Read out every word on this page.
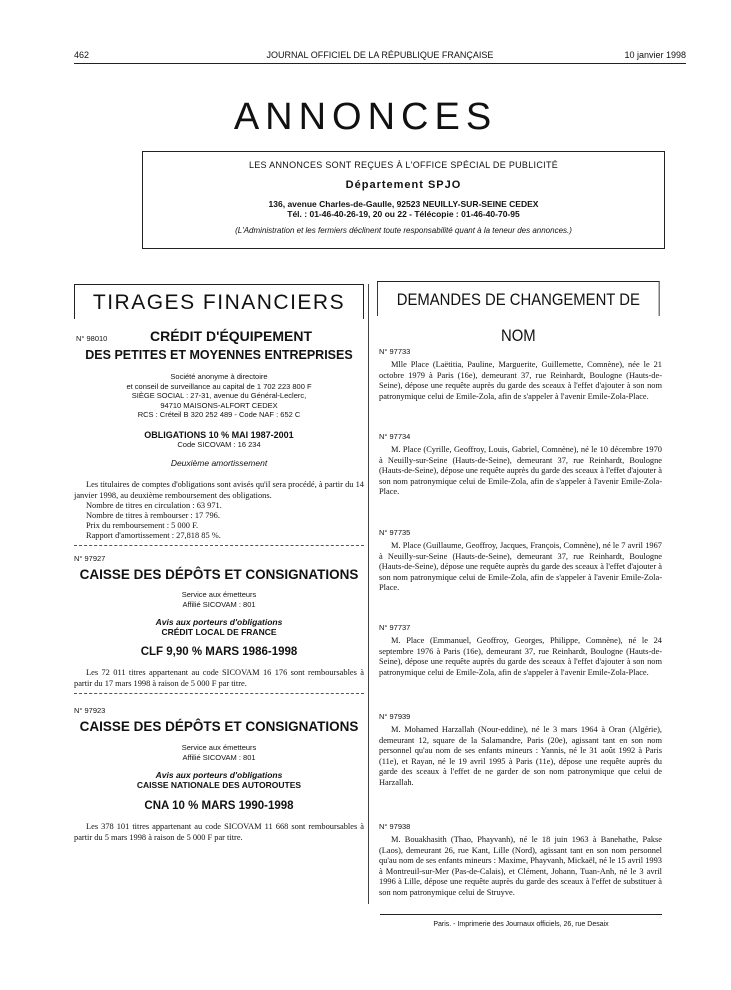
462	JOURNAL OFFICIEL DE LA RÉPUBLIQUE FRANÇAISE	10 janvier 1998
ANNONCES
LES ANNONCES SONT REÇUES À L'OFFICE SPÉCIAL DE PUBLICITÉ
Département SPJO
136, avenue Charles-de-Gaulle, 92523 NEUILLY-SUR-SEINE CEDEX
Tél. : 01-46-40-26-19, 20 ou 22 - Télécopie : 01-46-40-70-95
(L'Administration et les fermiers déclinent toute responsabilité quant à la teneur des annonces.)
TIRAGES FINANCIERS	DEMANDES DE CHANGEMENT DE NOM
N° 98010	CRÉDIT D'ÉQUIPEMENT
DES PETITES ET MOYENNES ENTREPRISES
Société anonyme à directoire
et conseil de surveillance au capital de 1 702 223 800 F
SIÈGE SOCIAL : 27-31, avenue du Général-Leclerc,
94710 MAISONS-ALFORT CEDEX
RCS : Créteil B 320 252 489 - Code NAF : 652 C
OBLIGATIONS 10 % MAI 1987-2001
Code SICOVAM : 16 234
Deuxième amortissement

Les titulaires de comptes d'obligations sont avisés qu'il sera procédé, à partir du 14 janvier 1998, au deuxième remboursement des obligations.

Nombre de titres en circulation : 63 971.

Nombre de titres à rembourser : 17 796.

Prix du remboursement : 5 000 F.

Rapport d'amortissement : 27,818 85 %.

N° 97927
CAISSE DES DÉPÔTS ET CONSIGNATIONS
Service aux émetteurs
Affilié SICOVAM : 801
Avis aux porteurs d'obligations
CRÉDIT LOCAL DE FRANCE
CLF 9,90 % MARS 1986-1998

Les 72 011 titres appartenant au code SICOVAM 16 176 sont remboursables à partir du 17 mars 1998 à raison de 5 000 F par titre.

N° 97923
CAISSE DES DÉPÔTS ET CONSIGNATIONS
Service aux émetteurs
Affilié SICOVAM : 801
Avis aux porteurs d'obligations
CAISSE NATIONALE DES AUTOROUTES
CNA 10 % MARS 1990-1998

Les 378 101 titres appartenant au code SICOVAM 11 668 sont remboursables à partir du 5 mars 1998 à raison de 5 000 F par titre.

N° 97733

Mlle Place (Laëtitia, Pauline, Marguerite, Guillemette, Comnène), née le 21 octobre 1979 à Paris (16e), demeurant 37, rue Reinhardt, Boulogne (Hauts-de-Seine), dépose une requête auprès du garde des sceaux à l'effet d'ajouter à son nom patronymique celui de Emile-Zola, afin de s'appeler à l'avenir Emile-Zola-Place.

N° 97734

M. Place (Cyrille, Geoffroy, Louis, Gabriel, Comnène), né le 10 décembre 1970 à Neuilly-sur-Seine (Hauts-de-Seine), demeurant 37, rue Reinhardt, Boulogne (Hauts-de-Seine), dépose une requête auprès du garde des sceaux à l'effet d'ajouter à son nom patronymique celui de Emile-Zola, afin de s'appeler à l'avenir Emile-Zola-Place.

N° 97735

M. Place (Guillaume, Geoffroy, Jacques, François, Comnène), né le 7 avril 1967 à Neuilly-sur-Seine (Hauts-de-Seine), demeurant 37, rue Reinhardt, Boulogne (Hauts-de-Seine), dépose une requête auprès du garde des sceaux à l'effet d'ajouter à son nom patronymique celui de Emile-Zola, afin de s'appeler à l'avenir Emile-Zola-Place.

N° 97737

M. Place (Emmanuel, Geoffroy, Georges, Philippe, Comnène), né le 24 septembre 1976 à Paris (16e), demeurant 37, rue Reinhardt, Boulogne (Hauts-de-Seine), dépose une requête auprès du garde des sceaux à l'effet d'ajouter à son nom patronymique celui de Emile-Zola, afin de s'appeler à l'avenir Emile-Zola-Place.

N° 97939

M. Mohamed Harzallah (Nour-eddine), né le 3 mars 1964 à Oran (Algérie), demeurant 12, square de la Salamandre, Paris (20e), agissant tant en son nom personnel qu'au nom de ses enfants mineurs : Yannis, né le 31 août 1992 à Paris (11e), et Rayan, né le 19 avril 1995 à Paris (11e), dépose une requête auprès du garde des sceaux à l'effet de ne garder de son nom patronymique que celui de Harzallah.

N° 97938

M. Bouakhasith (Thao, Phayvanh), né le 18 juin 1963 à Banehathe, Pakse (Laos), demeurant 26, rue Kant, Lille (Nord), agissant tant en son nom personnel qu'au nom de ses enfants mineurs : Maxime, Phayvanh, Mickaël, né le 15 avril 1993 à Montreuil-sur-Mer (Pas-de-Calais), et Clément, Johann, Tuan-Anh, né le 3 avril 1996 à Lille, dépose une requête auprès du garde des sceaux à l'effet de substituer à son nom patronymique celui de Struyve.

Paris. - Imprimerie des Journaux officiels, 26, rue Desaix
